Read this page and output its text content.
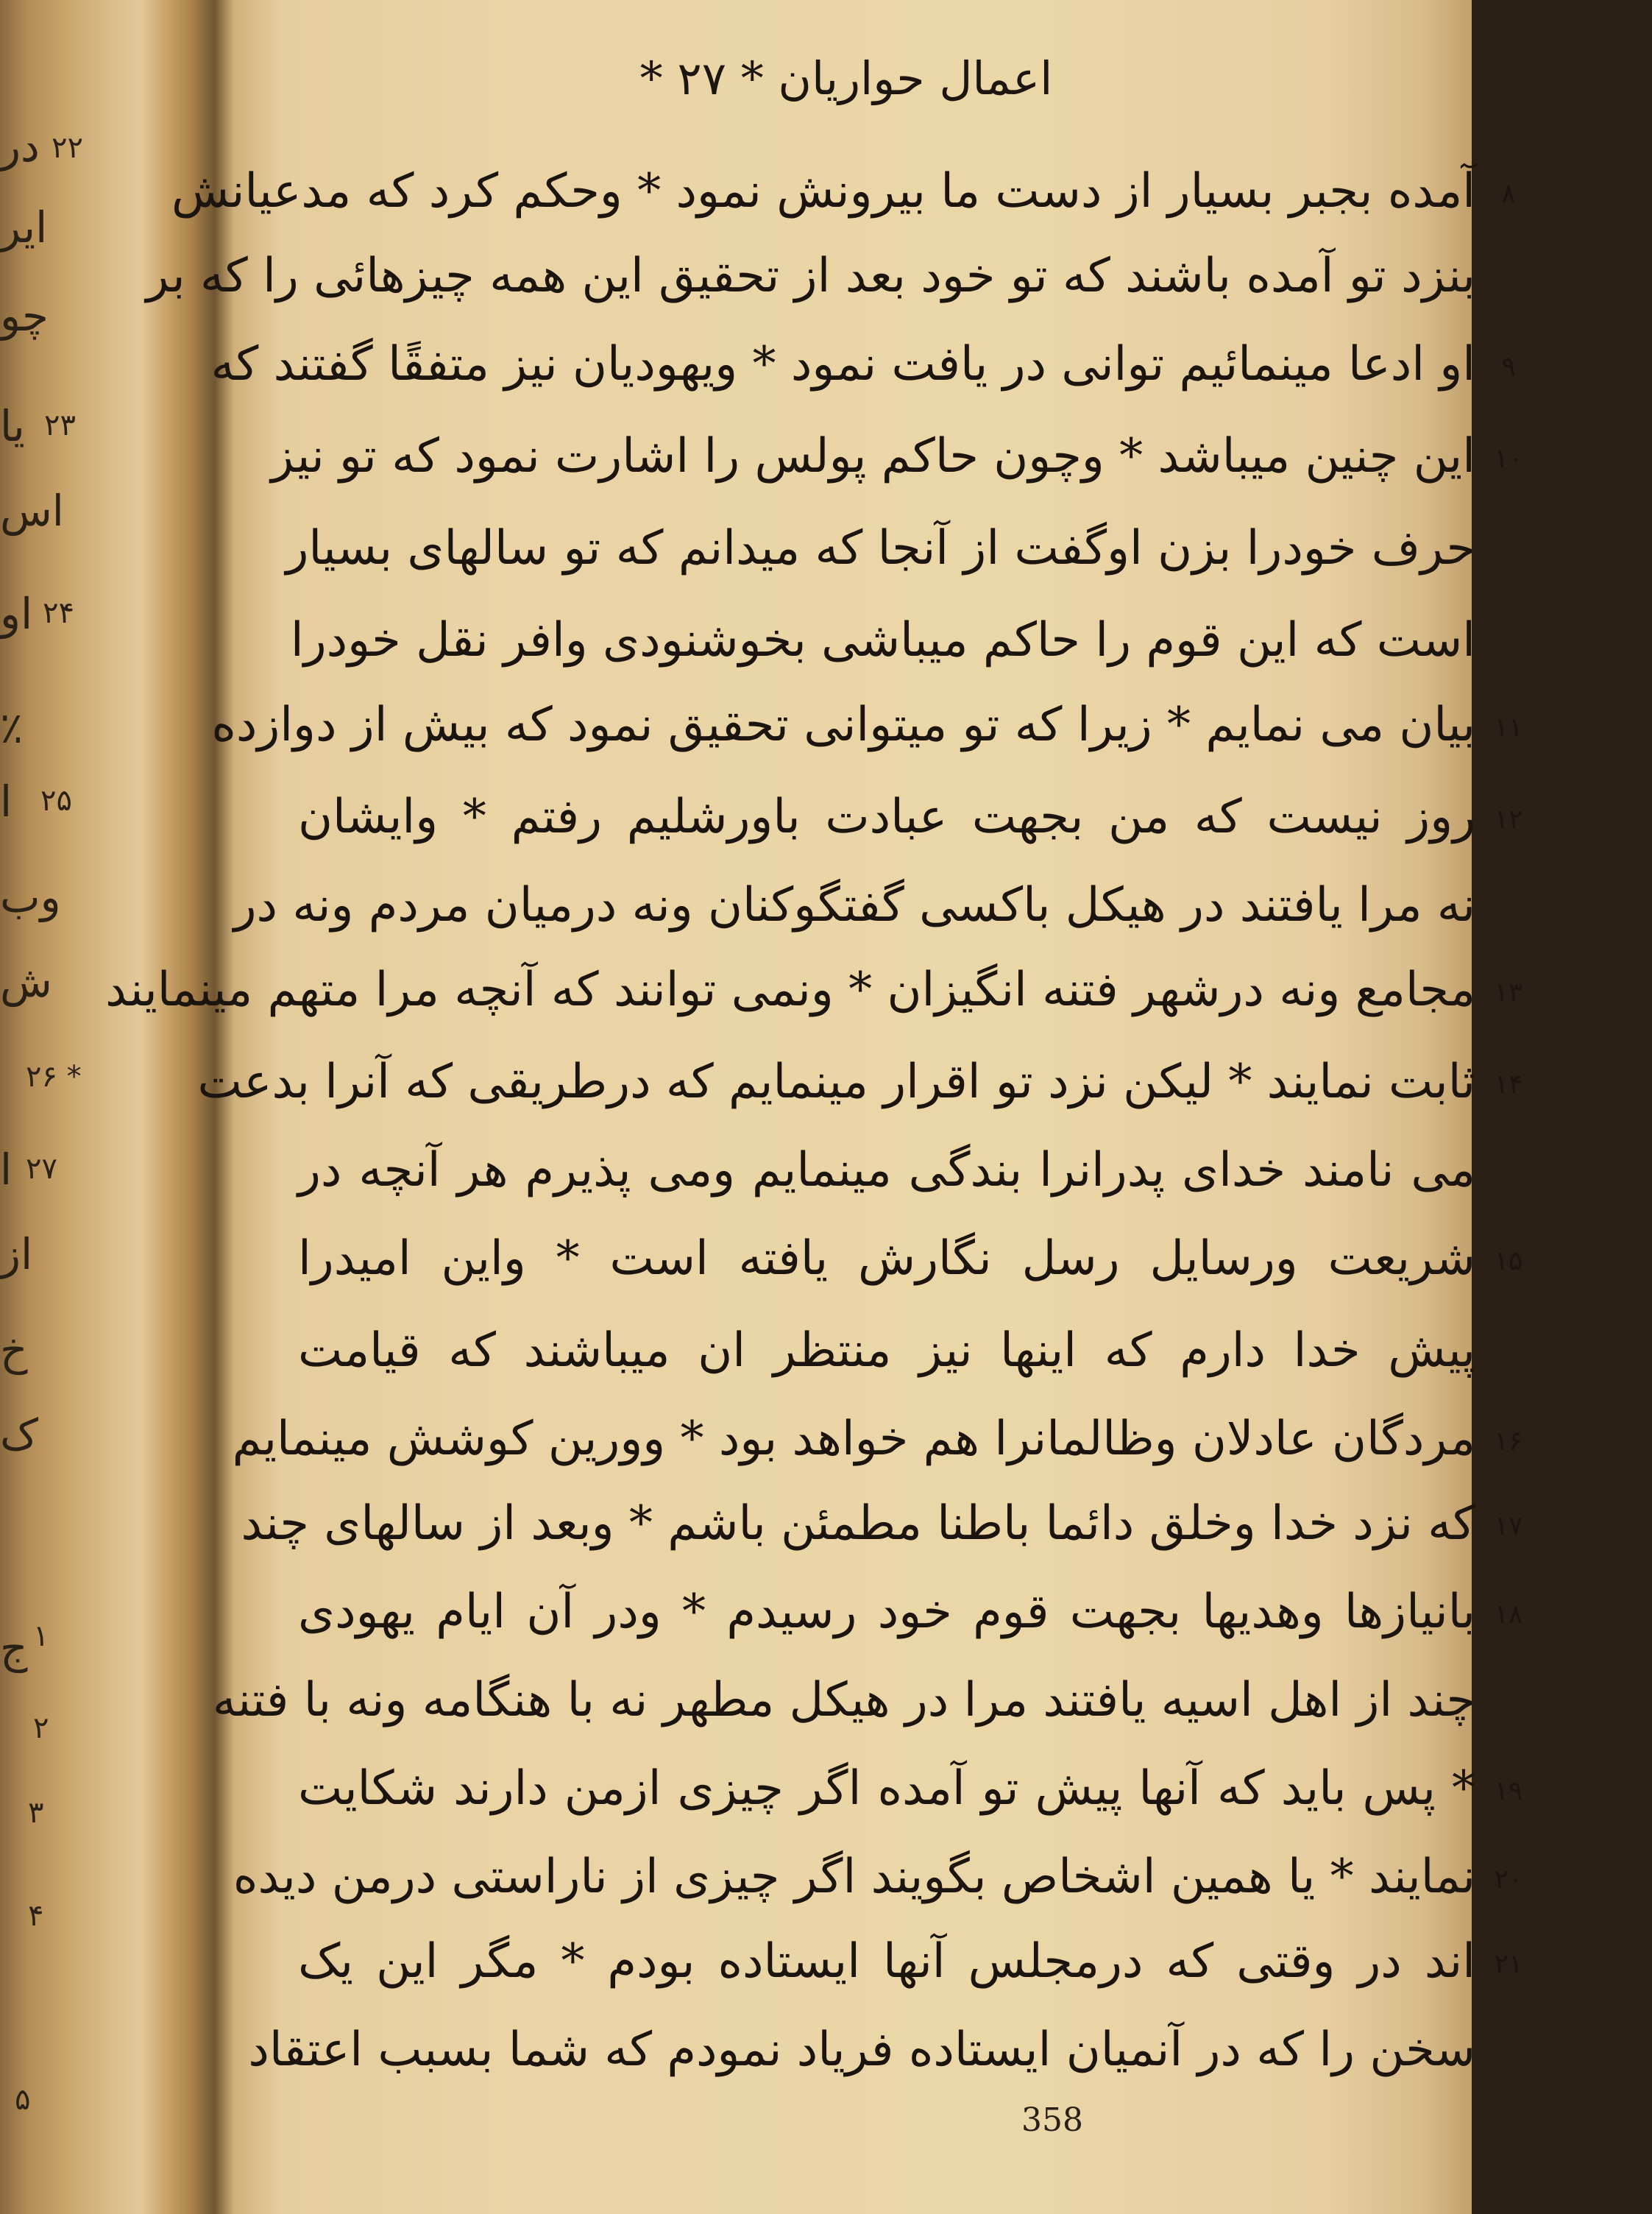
۲۲
در
ایر
چو
۲۳
یا
اس
۲۴
او
٪
۲۵
ا
وب
ش
۲۶ *
۲۷
ا
از
خ
ک
۱
ج
۲
۳
۴
۵
اعمال حواریان * ۲۷ *
آمده بجبر بسیار از دست ما بیرونش نمود * وحکم کرد که مدعیانش ۸
بنزد تو آمده باشند که تو خود بعد از تحقیق این همه چیزهائی را که بر
او ادعا مینمائیم توانی در یافت نمود * ویهودیان نیز متفقًا گفتند که ۹
این چنین میباشد * وچون حاکم پولس را اشارت نمود که تو نیز ۱۰
حرف خودرا بزن اوگفت از آنجا که میدانم که تو سالهای بسیار
است که این قوم را حاکم میباشی بخوشنودی وافر نقل خودرا
بیان می نمایم * زیرا که تو میتوانی تحقیق نمود که بیش از دوازده ۱۱
روز نیست که من بجهت عبادت باورشلیم رفتم * وایشان ۱۲
نه مرا یافتند در هیکل باکسی گفتگوکنان ونه درمیان مردم ونه در
مجامع ونه درشهر فتنه انگیزان * ونمی توانند که آنچه مرا متهم مینمایند ۱۳
ثابت نمایند * لیکن نزد تو اقرار مینمایم که درطریقی که آنرا بدعت ۱۴
می نامند خدای پدرانرا بندگی مینمایم ومی پذیرم هر آنچه در
شریعت ورسایل رسل نگارش یافته است * واین امیدرا ۱۵
پیش خدا دارم که اینها نیز منتظر ان میباشند که قیامت
مردگان عادلان وظالمانرا هم خواهد بود * وورین کوشش مینمایم ۱۶
که نزد خدا وخلق دائما باطنا مطمئن باشم * وبعد از سالهای چند ۱۷
بانیازها وهدیها بجهت قوم خود رسیدم * ودر آن ایام یهودی ۱۸
چند از اهل اسیه یافتند مرا در هیکل مطهر نه با هنگامه ونه با فتنه
* پس باید که آنها پیش تو آمده اگر چیزی ازمن دارند شکایت ۱۹
نمایند * یا همین اشخاص بگویند اگر چیزی از ناراستی درمن دیده ۲۰
اند در وقتی که درمجلس آنها ایستاده بودم * مگر این یک ۲۱
سخن را که در آنمیان ایستاده فریاد نمودم که شما بسبب اعتقاد
358
